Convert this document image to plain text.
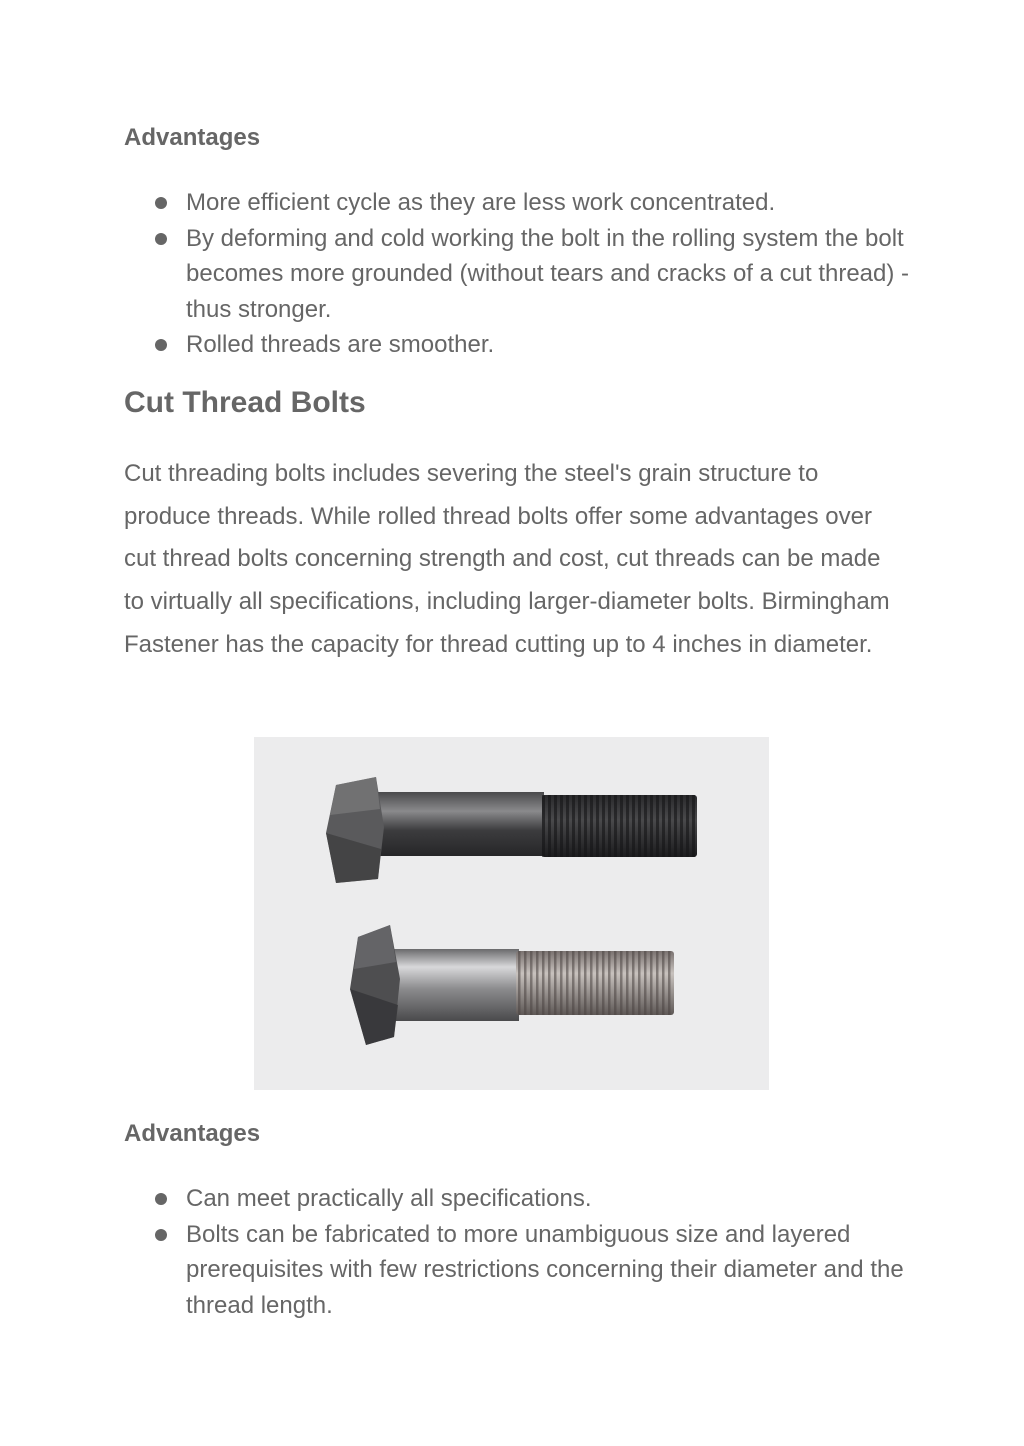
Advantages
More efficient cycle as they are less work concentrated.
By deforming and cold working the bolt in the rolling system the bolt becomes more grounded (without tears and cracks of a cut thread) - thus stronger.
Rolled threads are smoother.
Cut Thread Bolts
Cut threading bolts includes severing the steel's grain structure to produce threads. While rolled thread bolts offer some advantages over cut thread bolts concerning strength and cost, cut threads can be made to virtually all specifications, including larger-diameter bolts. Birmingham Fastener has the capacity for thread cutting up to 4 inches in diameter.
Advantages
Can meet practically all specifications.
Bolts can be fabricated to more unambiguous size and layered prerequisites with few restrictions concerning their diameter and the thread length.
